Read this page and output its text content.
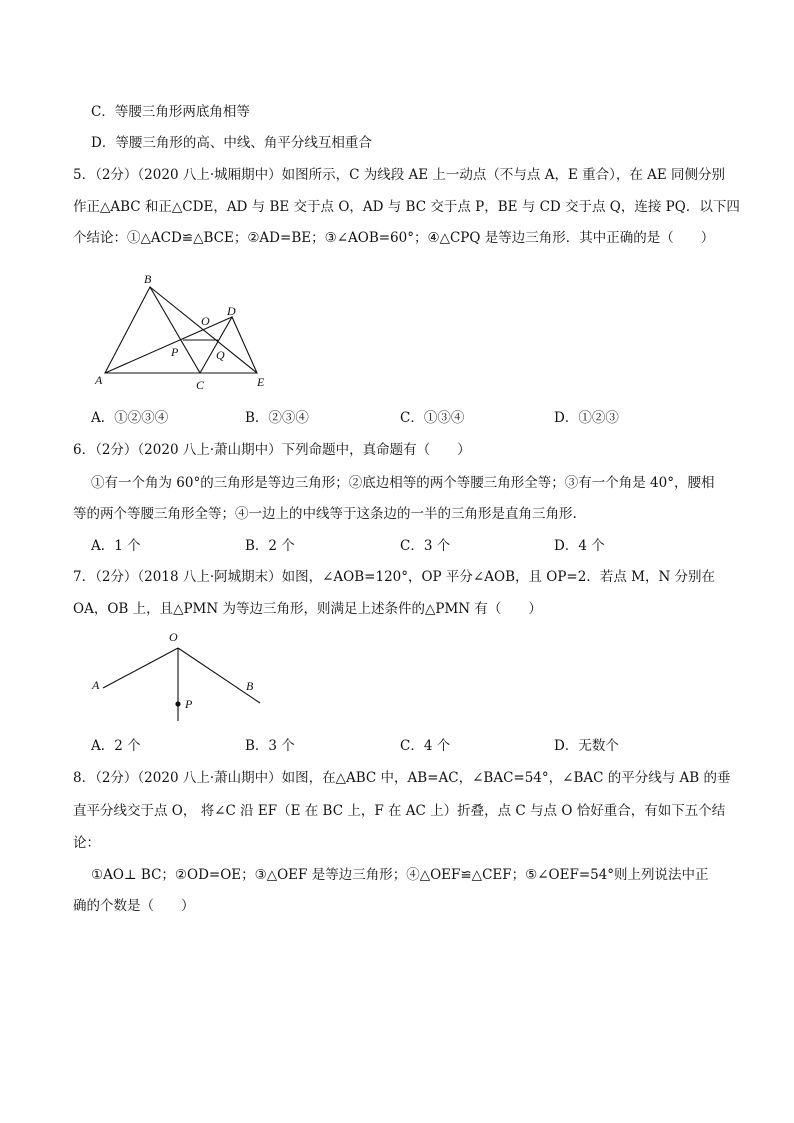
C．等腰三角形两底角相等
D．等腰三角形的高、中线、角平分线互相重合
5．（2分）（2020 八上·城厢期中）如图所示，C 为线段 AE 上一动点（不与点 A，E 重合），在 AE 同侧分别
作正△ABC 和正△CDE，AD 与 BE 交于点 O，AD 与 BC 交于点 P，BE 与 CD 交于点 Q，连接 PQ．以下四
个结论：①△ACD≌△BCE；②AD=BE；③∠AOB=60°；④△CPQ 是等边三角形．其中正确的是（　　）
B
O
D
P	Q
A	C	E
A．①②③④	B．②③④	C．①③④	D．①②③
6．（2分）（2020 八上·萧山期中）下列命题中，真命题有（　　）
①有一个角为 60°的三角形是等边三角形；②底边相等的两个等腰三角形全等；③有一个角是 40°，腰相
等的两个等腰三角形全等；④一边上的中线等于这条边的一半的三角形是直角三角形.
A．1 个	B．2 个	C．3 个	D．4 个
7．（2分）（2018 八上·阿城期末）如图，∠AOB=120°，OP 平分∠AOB，且 OP=2．若点 M，N 分别在
OA，OB 上，且△PMN 为等边三角形，则满足上述条件的△PMN 有（　　）
O
A	B
P
A．2 个	B．3 个	C．4 个	D．无数个
8．（2分）（2020 八上·萧山期中）如图，在△ABC 中，AB=AC，∠BAC=54°，∠BAC 的平分线与 AB 的垂
直平分线交于点 O， 将∠C 沿 EF（E 在 BC 上，F 在 AC 上）折叠，点 C 与点 O 恰好重合，有如下五个结
论：
①AO⊥ BC；②OD=OE；③△OEF 是等边三角形；④△OEF≌△CEF；⑤∠OEF=54°则上列说法中正
确的个数是（　　）
